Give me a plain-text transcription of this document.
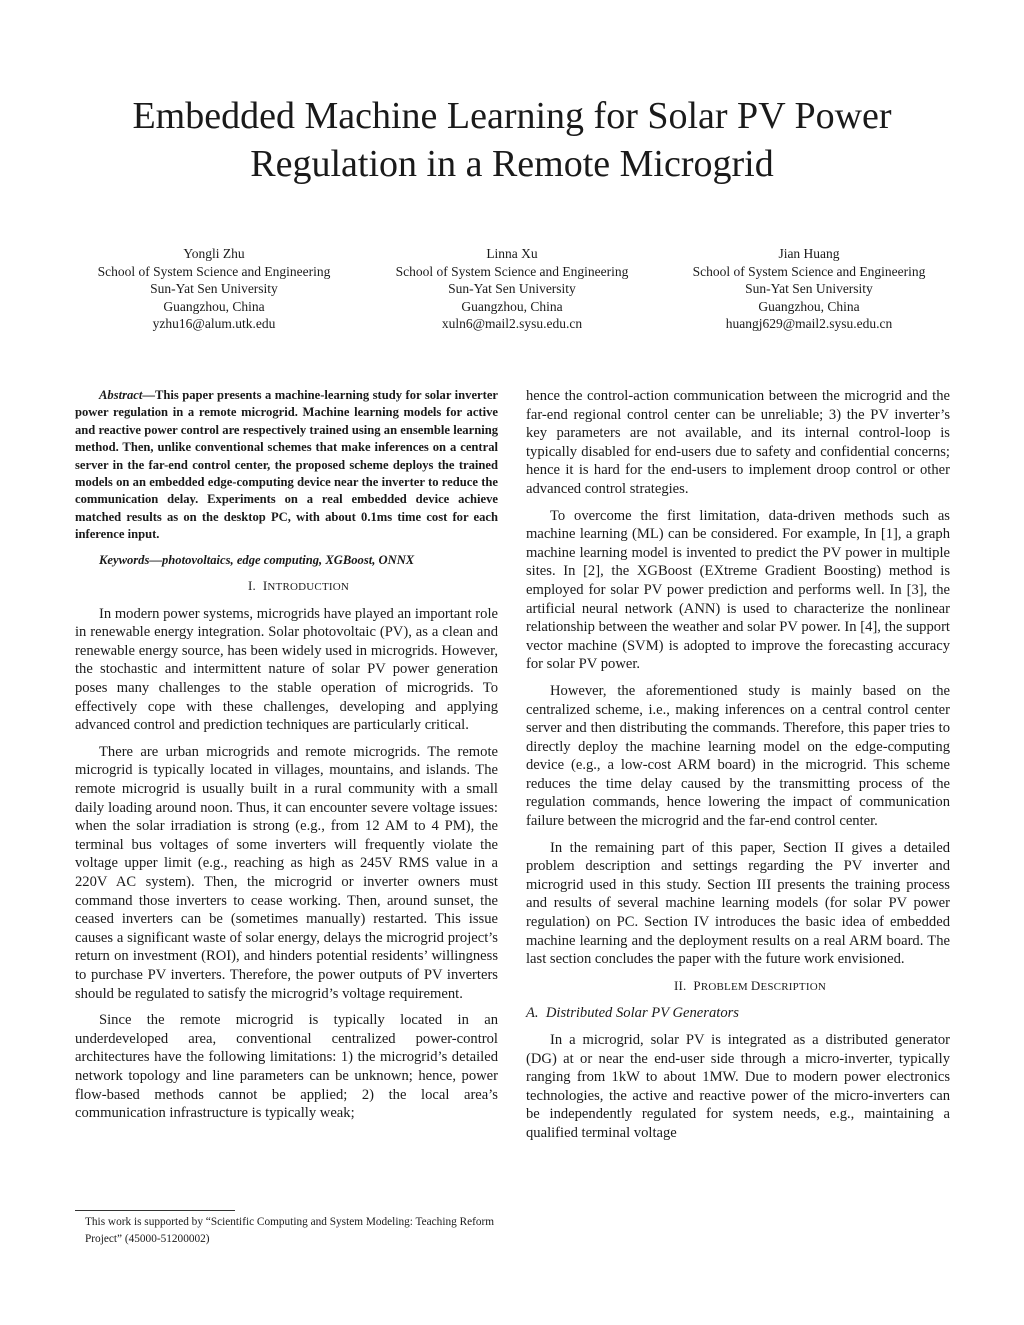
Embedded Machine Learning for Solar PV Power
Regulation in a Remote Microgrid
Yongli Zhu
School of System Science and Engineering
Sun-Yat Sen University
Guangzhou, China
yzhu16@alum.utk.edu
Linna Xu
School of System Science and Engineering
Sun-Yat Sen University
Guangzhou, China
xuln6@mail2.sysu.edu.cn
Jian Huang
School of System Science and Engineering
Sun-Yat Sen University
Guangzhou, China
huangj629@mail2.sysu.edu.cn

Abstract—This paper presents a machine-learning study for solar inverter power regulation in a remote microgrid. Machine learning models for active and reactive power control are respectively trained using an ensemble learning method. Then, unlike conventional schemes that make inferences on a central server in the far-end control center, the proposed scheme deploys the trained models on an embedded edge-computing device near the inverter to reduce the communication delay. Experiments on a real embedded device achieve matched results as on the desktop PC, with about 0.1ms time cost for each inference input.

Keywords—photovoltaics, edge computing, XGBoost, ONNX

I. INTRODUCTION

In modern power systems, microgrids have played an important role in renewable energy integration. Solar photovoltaic (PV), as a clean and renewable energy source, has been widely used in microgrids. However, the stochastic and intermittent nature of solar PV power generation poses many challenges to the stable operation of microgrids. To effectively cope with these challenges, developing and applying advanced control and prediction techniques are particularly critical.

There are urban microgrids and remote microgrids. The remote microgrid is typically located in villages, mountains, and islands. The remote microgrid is usually built in a rural community with a small daily loading around noon. Thus, it can encounter severe voltage issues: when the solar irradiation is strong (e.g., from 12 AM to 4 PM), the terminal bus voltages of some inverters will frequently violate the voltage upper limit (e.g., reaching as high as 245V RMS value in a 220V AC system). Then, the microgrid or inverter owners must command those inverters to cease working. Then, around sunset, the ceased inverters can be (sometimes manually) restarted. This issue causes a significant waste of solar energy, delays the microgrid project’s return on investment (ROI), and hinders potential residents’ willingness to purchase PV inverters. Therefore, the power outputs of PV inverters should be regulated to satisfy the microgrid’s voltage requirement.

Since the remote microgrid is typically located in an underdeveloped area, conventional centralized power-control architectures have the following limitations: 1) the microgrid’s detailed network topology and line parameters can be unknown; hence, power flow-based methods cannot be applied; 2) the local area’s communication infrastructure is typically weak;

hence the control-action communication between the microgrid and the far-end regional control center can be unreliable; 3) the PV inverter’s key parameters are not available, and its internal control-loop is typically disabled for end-users due to safety and confidential concerns; hence it is hard for the end-users to implement droop control or other advanced control strategies.

To overcome the first limitation, data-driven methods such as machine learning (ML) can be considered. For example, In [1], a graph machine learning model is invented to predict the PV power in multiple sites. In [2], the XGBoost (EXtreme Gradient Boosting) method is employed for solar PV power prediction and performs well. In [3], the artificial neural network (ANN) is used to characterize the nonlinear relationship between the weather and solar PV power. In [4], the support vector machine (SVM) is adopted to improve the forecasting accuracy for solar PV power.

However, the aforementioned study is mainly based on the centralized scheme, i.e., making inferences on a central control center server and then distributing the commands. Therefore, this paper tries to directly deploy the machine learning model on the edge-computing device (e.g., a low-cost ARM board) in the microgrid. This scheme reduces the time delay caused by the transmitting process of the regulation commands, hence lowering the impact of communication failure between the microgrid and the far-end control center.

In the remaining part of this paper, Section II gives a detailed problem description and settings regarding the PV inverter and microgrid used in this study. Section III presents the training process and results of several machine learning models (for solar PV power regulation) on PC. Section IV introduces the basic idea of embedded machine learning and the deployment results on a real ARM board. The last section concludes the paper with the future work envisioned.

II. PROBLEM DESCRIPTION

A. Distributed Solar PV Generators

In a microgrid, solar PV is integrated as a distributed generator (DG) at or near the end-user side through a micro-inverter, typically ranging from 1kW to about 1MW. Due to modern power electronics technologies, the active and reactive power of the micro-inverters can be independently regulated for system needs, e.g., maintaining a qualified terminal voltage

This work is supported by “Scientific Computing and System Modeling: Teaching Reform Project” (45000-51200002)
